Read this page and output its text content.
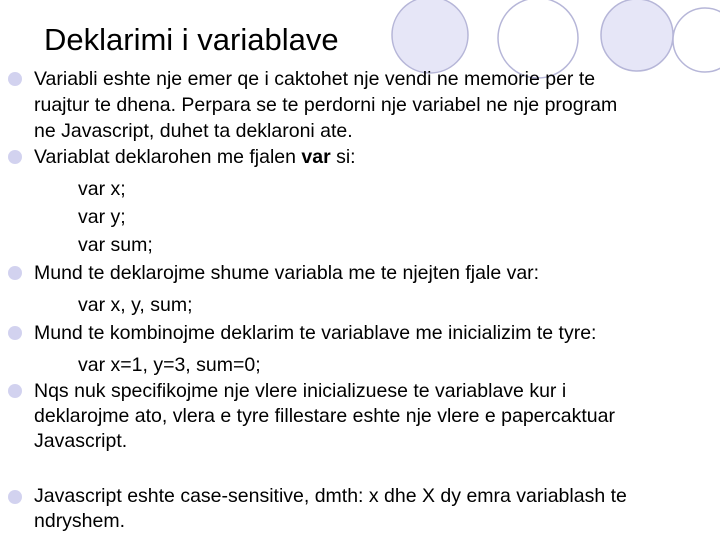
Deklarimi i variablave
Variabli eshte nje emer qe i caktohet nje vendi ne memorie per te
ruajtur te dhena. Perpara se te perdorni nje variabel ne nje program
ne Javascript, duhet ta deklaroni ate.
Variablat deklarohen me fjalen var si:
var x;
var y;
var sum;
Mund te deklarojme shume variabla me te njejten fjale var:
var x, y, sum;
Mund te kombinojme deklarim te variablave me inicializim te tyre:
var x=1, y=3, sum=0;
Nqs nuk specifikojme nje vlere inicializuese te variablave kur i
deklarojme ato, vlera e tyre fillestare eshte nje vlere e papercaktuar
Javascript.
Javascript eshte case-sensitive, dmth: x dhe X dy emra variablash te
ndryshem.
